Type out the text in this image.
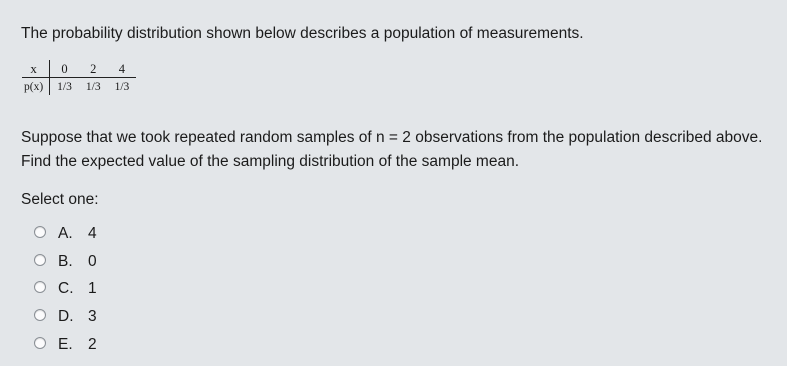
The probability distribution shown below describes a population of measurements.
x	0	2	4
p(x)	1/3	1/3	1/3
Suppose that we took repeated random samples of n = 2 observations from the population described above.
Find the expected value of the sampling distribution of the sample mean.
Select one:
A. 4
B. 0
C. 1
D. 3
E. 2
